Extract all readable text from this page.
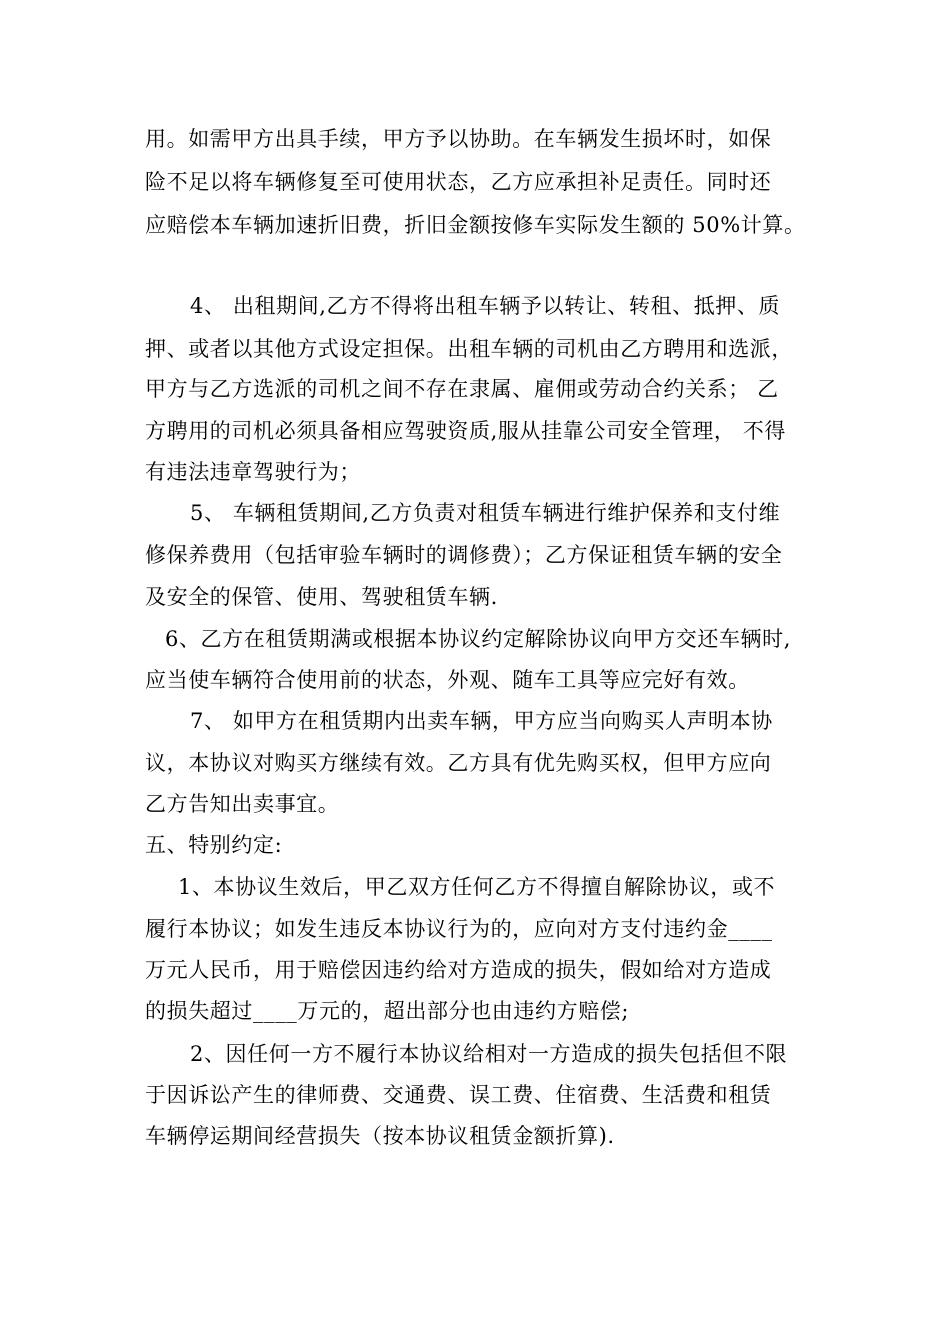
用。如需甲方出具手续，甲方予以协助。在车辆发生损坏时，如保
险不足以将车辆修复至可使用状态，乙方应承担补足责任。同时还
应赔偿本车辆加速折旧费，折旧金额按修车实际发生额的 50%计算。
4、 出租期间,乙方不得将出租车辆予以转让、转租、抵押、质
押、或者以其他方式设定担保。出租车辆的司机由乙方聘用和选派，
甲方与乙方选派的司机之间不存在隶属、雇佣或劳动合约关系； 乙
方聘用的司机必须具备相应驾驶资质,服从挂靠公司安全管理， 不得
有违法违章驾驶行为；
5、 车辆租赁期间,乙方负责对租赁车辆进行维护保养和支付维
修保养费用（包括审验车辆时的调修费）；乙方保证租赁车辆的安全
及安全的保管、使用、驾驶租赁车辆.
6、乙方在租赁期满或根据本协议约定解除协议向甲方交还车辆时,
应当使车辆符合使用前的状态，外观、随车工具等应完好有效。
7、 如甲方在租赁期内出卖车辆，甲方应当向购买人声明本协
议，本协议对购买方继续有效。乙方具有优先购买权，但甲方应向
乙方告知出卖事宜。
五、特别约定:
1、本协议生效后，甲乙双方任何乙方不得擅自解除协议，或不
履行本协议；如发生违反本协议行为的，应向对方支付违约金____
万元人民币，用于赔偿因违约给对方造成的损失，假如给对方造成
的损失超过____万元的，超出部分也由违约方赔偿;
2、因任何一方不履行本协议给相对一方造成的损失包括但不限
于因诉讼产生的律师费、交通费、误工费、住宿费、生活费和租赁
车辆停运期间经营损失（按本协议租赁金额折算).
